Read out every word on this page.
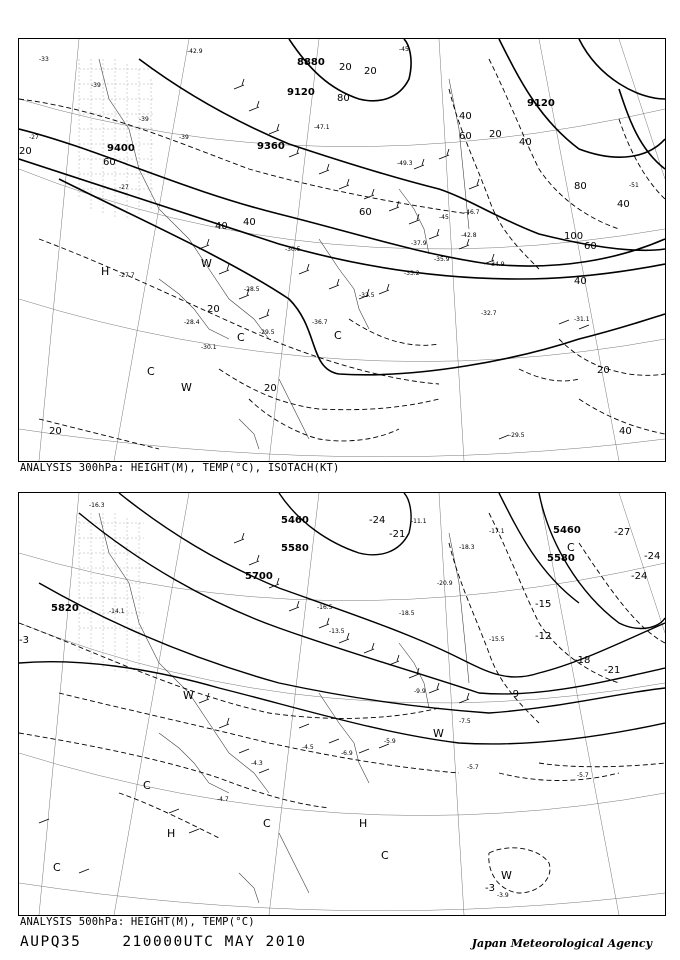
8880
9120
9360
9400
9120
20
40
60
80
20
40
60
80
100
60
40
20
20
40
40
60
40
20
20
20
20
40
-33
-39
-39
-27
-27
-42.9
-39
-45
-51
-47.1
-49.3
-45
-46.7
-42.8
-35.9
-34.9
-32.5
-32.7
-31.1
-29.5
-27.7
-28.5
-29.5
-30.5
-28.4
-30.1
-33.2
-36.7
-37.9
H
W
C
W
C	C
ANALYSIS 300hPa: HEIGHT(M), TEMP(°C), ISOTACH(KT)
5460
5580
5700
5820
5460
5580
-24
-21
-24
-27
-24
-15
-12
-18
-21
-9
-3
-3
-6.9
-5.7
-5.7
-3.9
-7.5
-5.9
-4.7
-4.5
-4.3
-16.5
-18.5
-20.9
-18.3
-17.1
-15.5
-11.1
-9.9
-16.3
-13.5
-14.1
C
C
H
C	H
C
C
W
W
W
ANALYSIS 500hPa: HEIGHT(M), TEMP(°C)
AUPQ35	210000UTC MAY 2010	Japan Meteorological Agency
